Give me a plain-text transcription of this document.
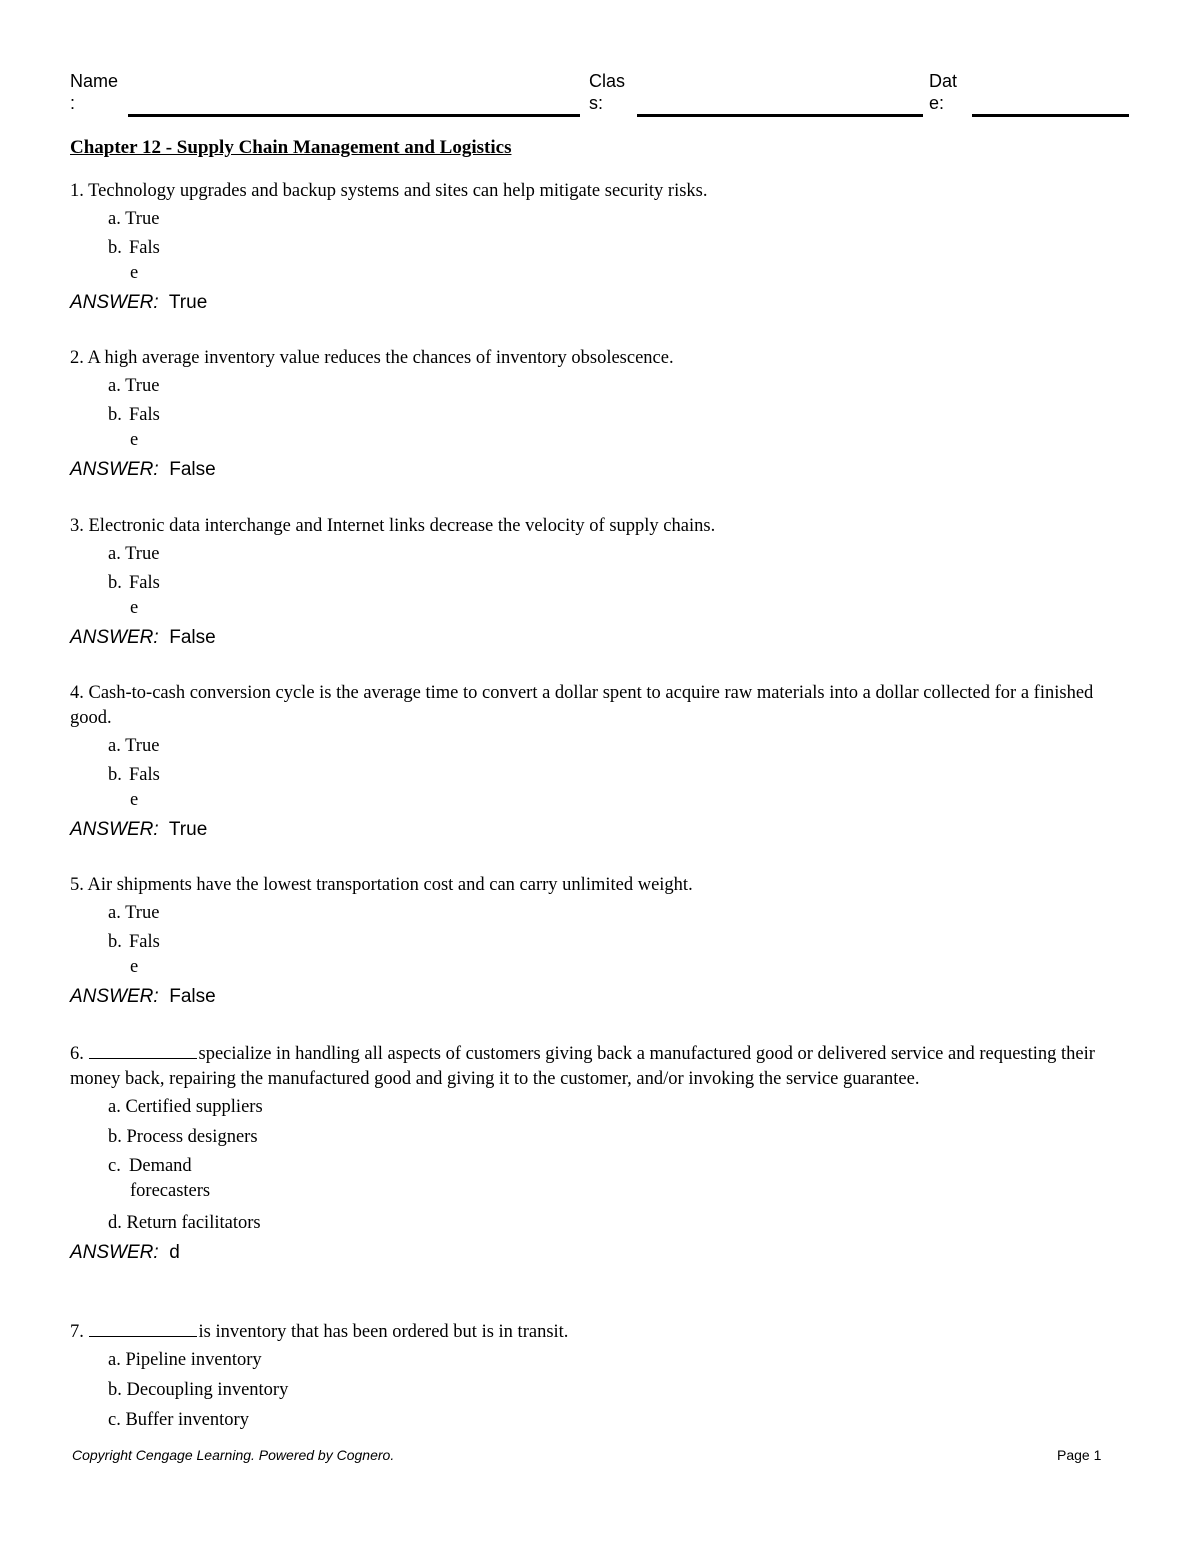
Name
:
Clas
s:
Dat
e:
Chapter 12 - Supply Chain Management and Logistics

1. Technology upgrades and backup systems and sites can help mitigate security risks.

a. True
b. Fals
e
ANSWER: True

2. A high average inventory value reduces the chances of inventory obsolescence.

a. True
b. Fals
e
ANSWER: False

3. Electronic data interchange and Internet links decrease the velocity of supply chains.

a. True
b. Fals
e
ANSWER: False

4. Cash-to-cash conversion cycle is the average time to convert a dollar spent to acquire raw materials into a dollar collected for a finished good.

a. True
b. Fals
e
ANSWER: True

5. Air shipments have the lowest transportation cost and can carry unlimited weight.

a. True
b. Fals
e
ANSWER: False

6.	specialize in handling all aspects of customers giving back a manufactured good or delivered service and requesting their money back, repairing the manufactured good and giving it to the customer, and/or invoking the service guarantee.

a. Certified suppliers
b. Process designers
c. Demand
forecasters
d. Return facilitators
ANSWER: d

7.	is inventory that has been ordered but is in transit.

a. Pipeline inventory
b. Decoupling inventory
c. Buffer inventory
Copyright Cengage Learning. Powered by Cognero.	Page 1
